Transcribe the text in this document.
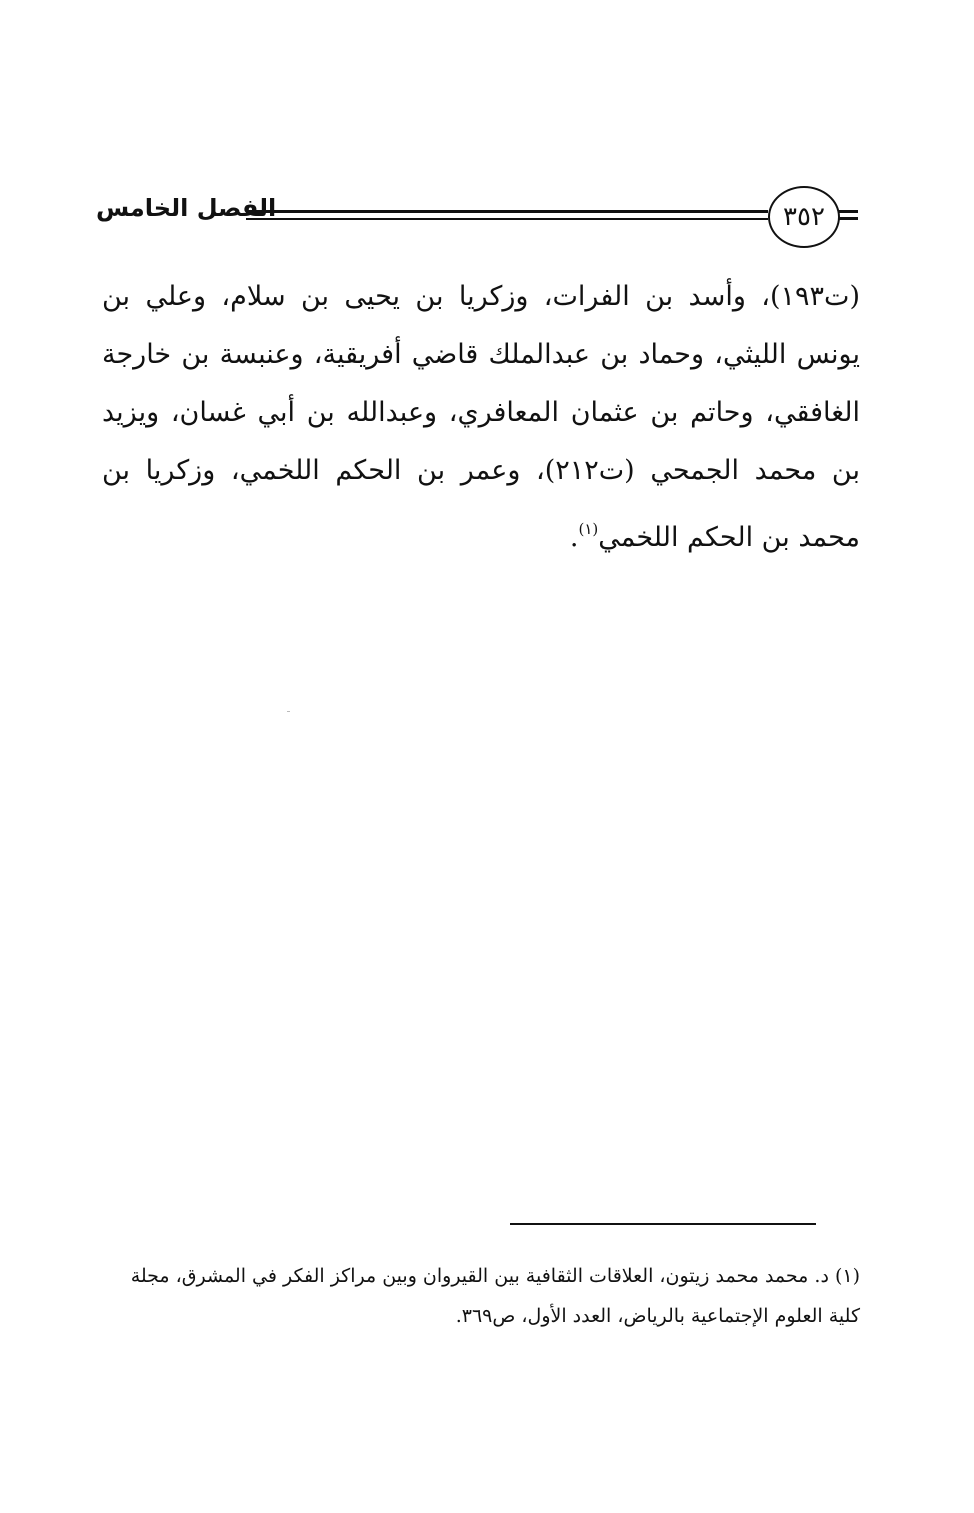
٣٥٢
الفصل الخامس

(ت١٩٣)، وأسد بن الفرات، وزكريا بن يحيى بن سلام، وعلي بن يونس الليثي، وحماد بن عبدالملك قاضي أفريقية، وعنبسة بن خارجة الغافقي، وحاتم بن عثمان المعافري، وعبدالله بن أبي غسان، ويزيد بن محمد الجمحي (ت٢١٢)، وعمر بن الحكم اللخمي، وزكريا بن محمد بن الحكم اللخمي$^{(١)}$.

(١) د. محمد محمد زيتون، العلاقات الثقافية بين القيروان وبين مراكز الفكر في المشرق، مجلة كلية العلوم الإجتماعية بالرياض، العدد الأول، ص٣٦٩.
